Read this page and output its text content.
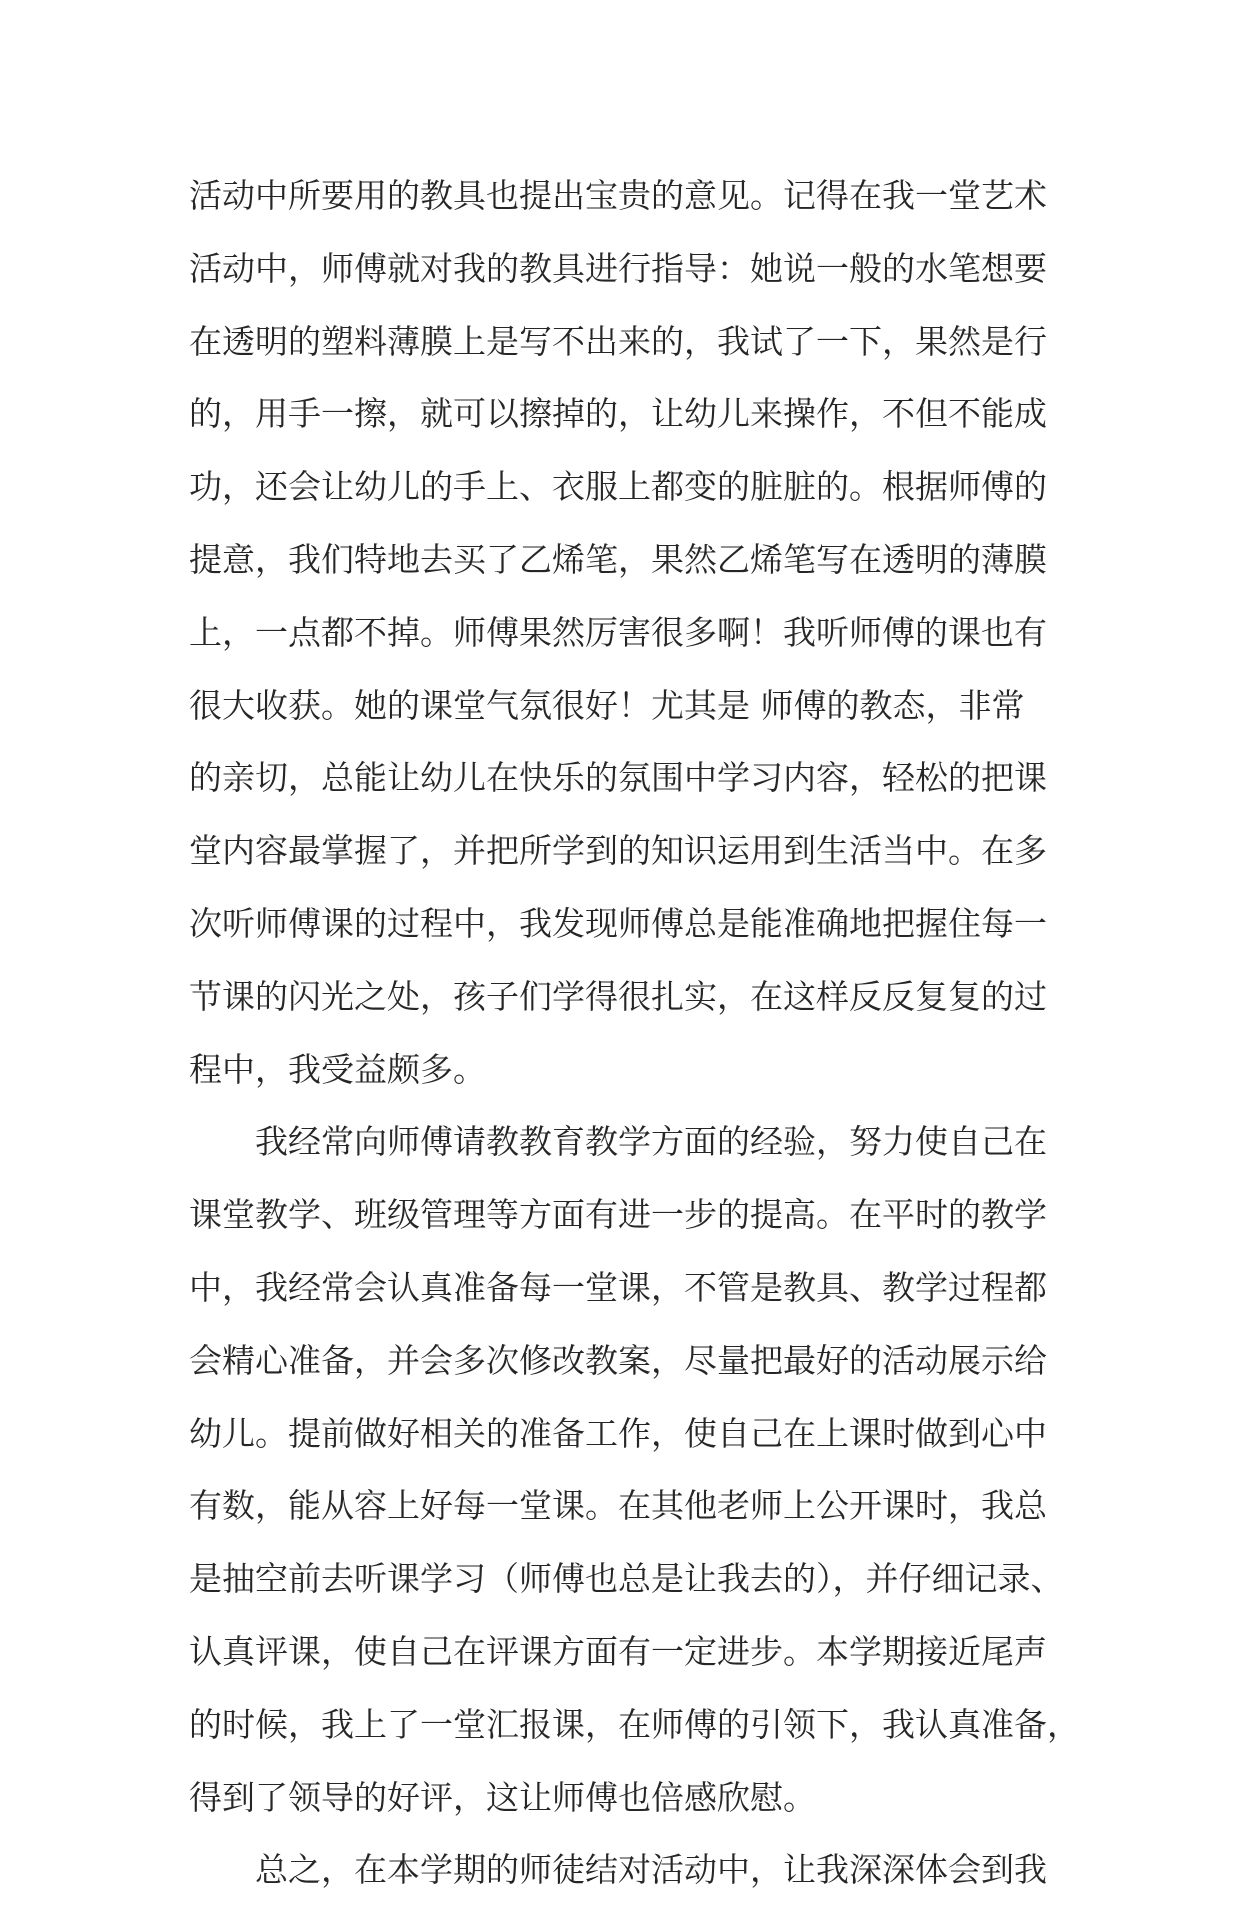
活动中所要用的教具也提出宝贵的意见。记得在我一堂艺术
活动中，师傅就对我的教具进行指导：她说一般的水笔想要
在透明的塑料薄膜上是写不出来的，我试了一下，果然是行
的，用手一擦，就可以擦掉的，让幼儿来操作，不但不能成
功，还会让幼儿的手上、衣服上都变的脏脏的。根据师傅的
提意，我们特地去买了乙烯笔，果然乙烯笔写在透明的薄膜
上，一点都不掉。师傅果然厉害很多啊！我听师傅的课也有
很大收获。她的课堂气氛很好！尤其是 师傅的教态，非常
的亲切，总能让幼儿在快乐的氛围中学习内容，轻松的把课
堂内容最掌握了，并把所学到的知识运用到生活当中。在多
次听师傅课的过程中，我发现师傅总是能准确地把握住每一
节课的闪光之处，孩子们学得很扎实，在这样反反复复的过
程中，我受益颇多。
我经常向师傅请教教育教学方面的经验，努力使自己在
课堂教学、班级管理等方面有进一步的提高。在平时的教学
中，我经常会认真准备每一堂课，不管是教具、教学过程都
会精心准备，并会多次修改教案，尽量把最好的活动展示给
幼儿。提前做好相关的准备工作，使自己在上课时做到心中
有数，能从容上好每一堂课。在其他老师上公开课时，我总
是抽空前去听课学习（师傅也总是让我去的），并仔细记录、
认真评课，使自己在评课方面有一定进步。本学期接近尾声
的时候，我上了一堂汇报课，在师傅的引领下，我认真准备，
得到了领导的好评，这让师傅也倍感欣慰。
总之，在本学期的师徒结对活动中，让我深深体会到我
